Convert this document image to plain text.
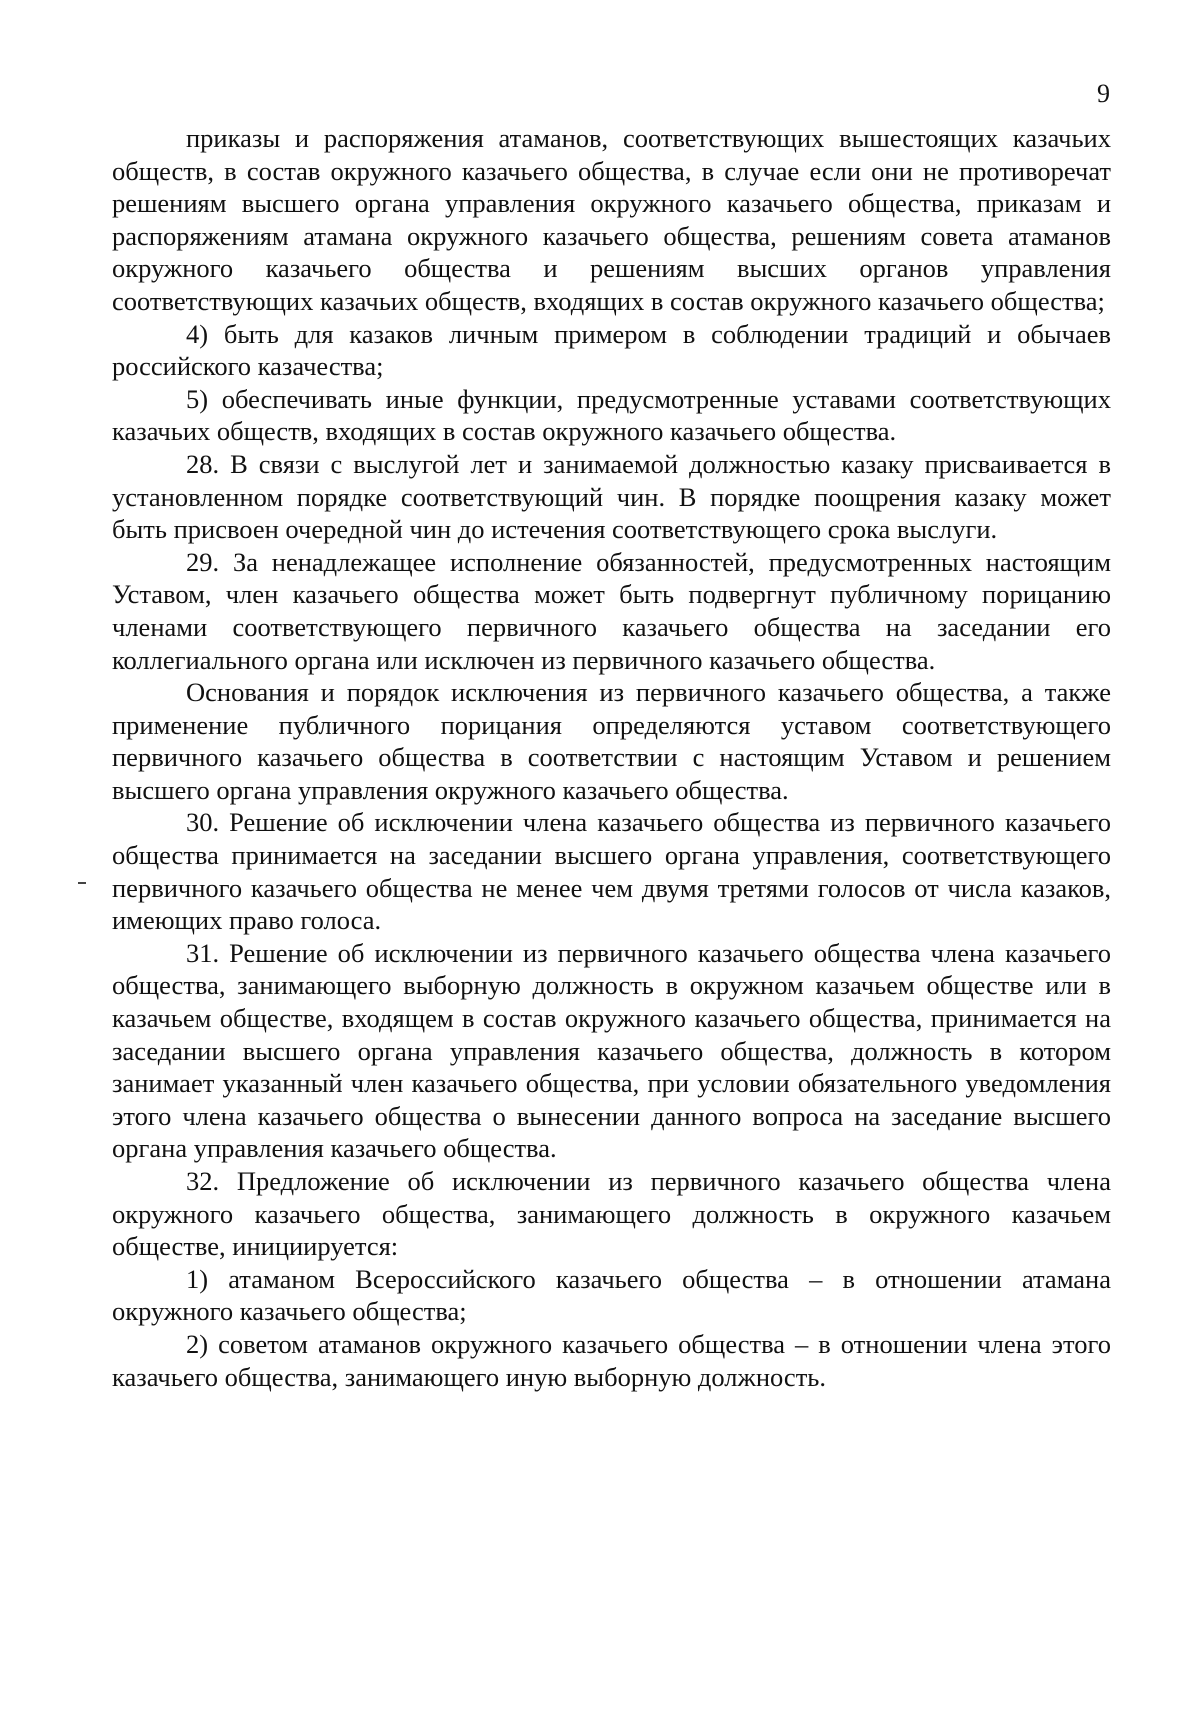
9

приказы и распоряжения атаманов, соответствующих вышестоящих казачьих обществ, в состав окружного казачьего общества, в случае если они не противоречат решениям высшего органа управления окружного казачьего общества, приказам и распоряжениям атамана окружного казачьего общества, решениям совета атаманов окружного казачьего общества и решениям высших органов управления соответствующих казачьих обществ, входящих в состав окружного казачьего общества;

4) быть для казаков личным примером в соблюдении традиций и обычаев российского казачества;

5) обеспечивать иные функции, предусмотренные уставами соответствующих казачьих обществ, входящих в состав окружного казачьего общества.

28. В связи с выслугой лет и занимаемой должностью казаку присваивается в установленном порядке соответствующий чин. В порядке поощрения казаку может быть присвоен очередной чин до истечения соответствующего срока выслуги.

29. За ненадлежащее исполнение обязанностей, предусмотренных настоящим Уставом, член казачьего общества может быть подвергнут публичному порицанию членами соответствующего первичного казачьего общества на заседании его коллегиального органа или исключен из первичного казачьего общества.

Основания и порядок исключения из первичного казачьего общества, а также применение публичного порицания определяются уставом соответствующего первичного казачьего общества в соответствии с настоящим Уставом и решением высшего органа управления окружного казачьего общества.

30. Решение об исключении члена казачьего общества из первичного казачьего общества принимается на заседании высшего органа управления, соответствующего первичного казачьего общества не менее чем двумя третями голосов от числа казаков, имеющих право голоса.

31. Решение об исключении из первичного казачьего общества члена казачьего общества, занимающего выборную должность в окружном казачьем обществе или в казачьем обществе, входящем в состав окружного казачьего общества, принимается на заседании высшего органа управления казачьего общества, должность в котором занимает указанный член казачьего общества, при условии обязательного уведомления этого члена казачьего общества о вынесении данного вопроса на заседание высшего органа управления казачьего общества.

32. Предложение об исключении из первичного казачьего общества члена окружного казачьего общества, занимающего должность в окружного казачьем обществе, инициируется:

1) атаманом Всероссийского казачьего общества – в отношении атамана окружного казачьего общества;

2) советом атаманов окружного казачьего общества – в отношении члена этого казачьего общества, занимающего иную выборную должность.
